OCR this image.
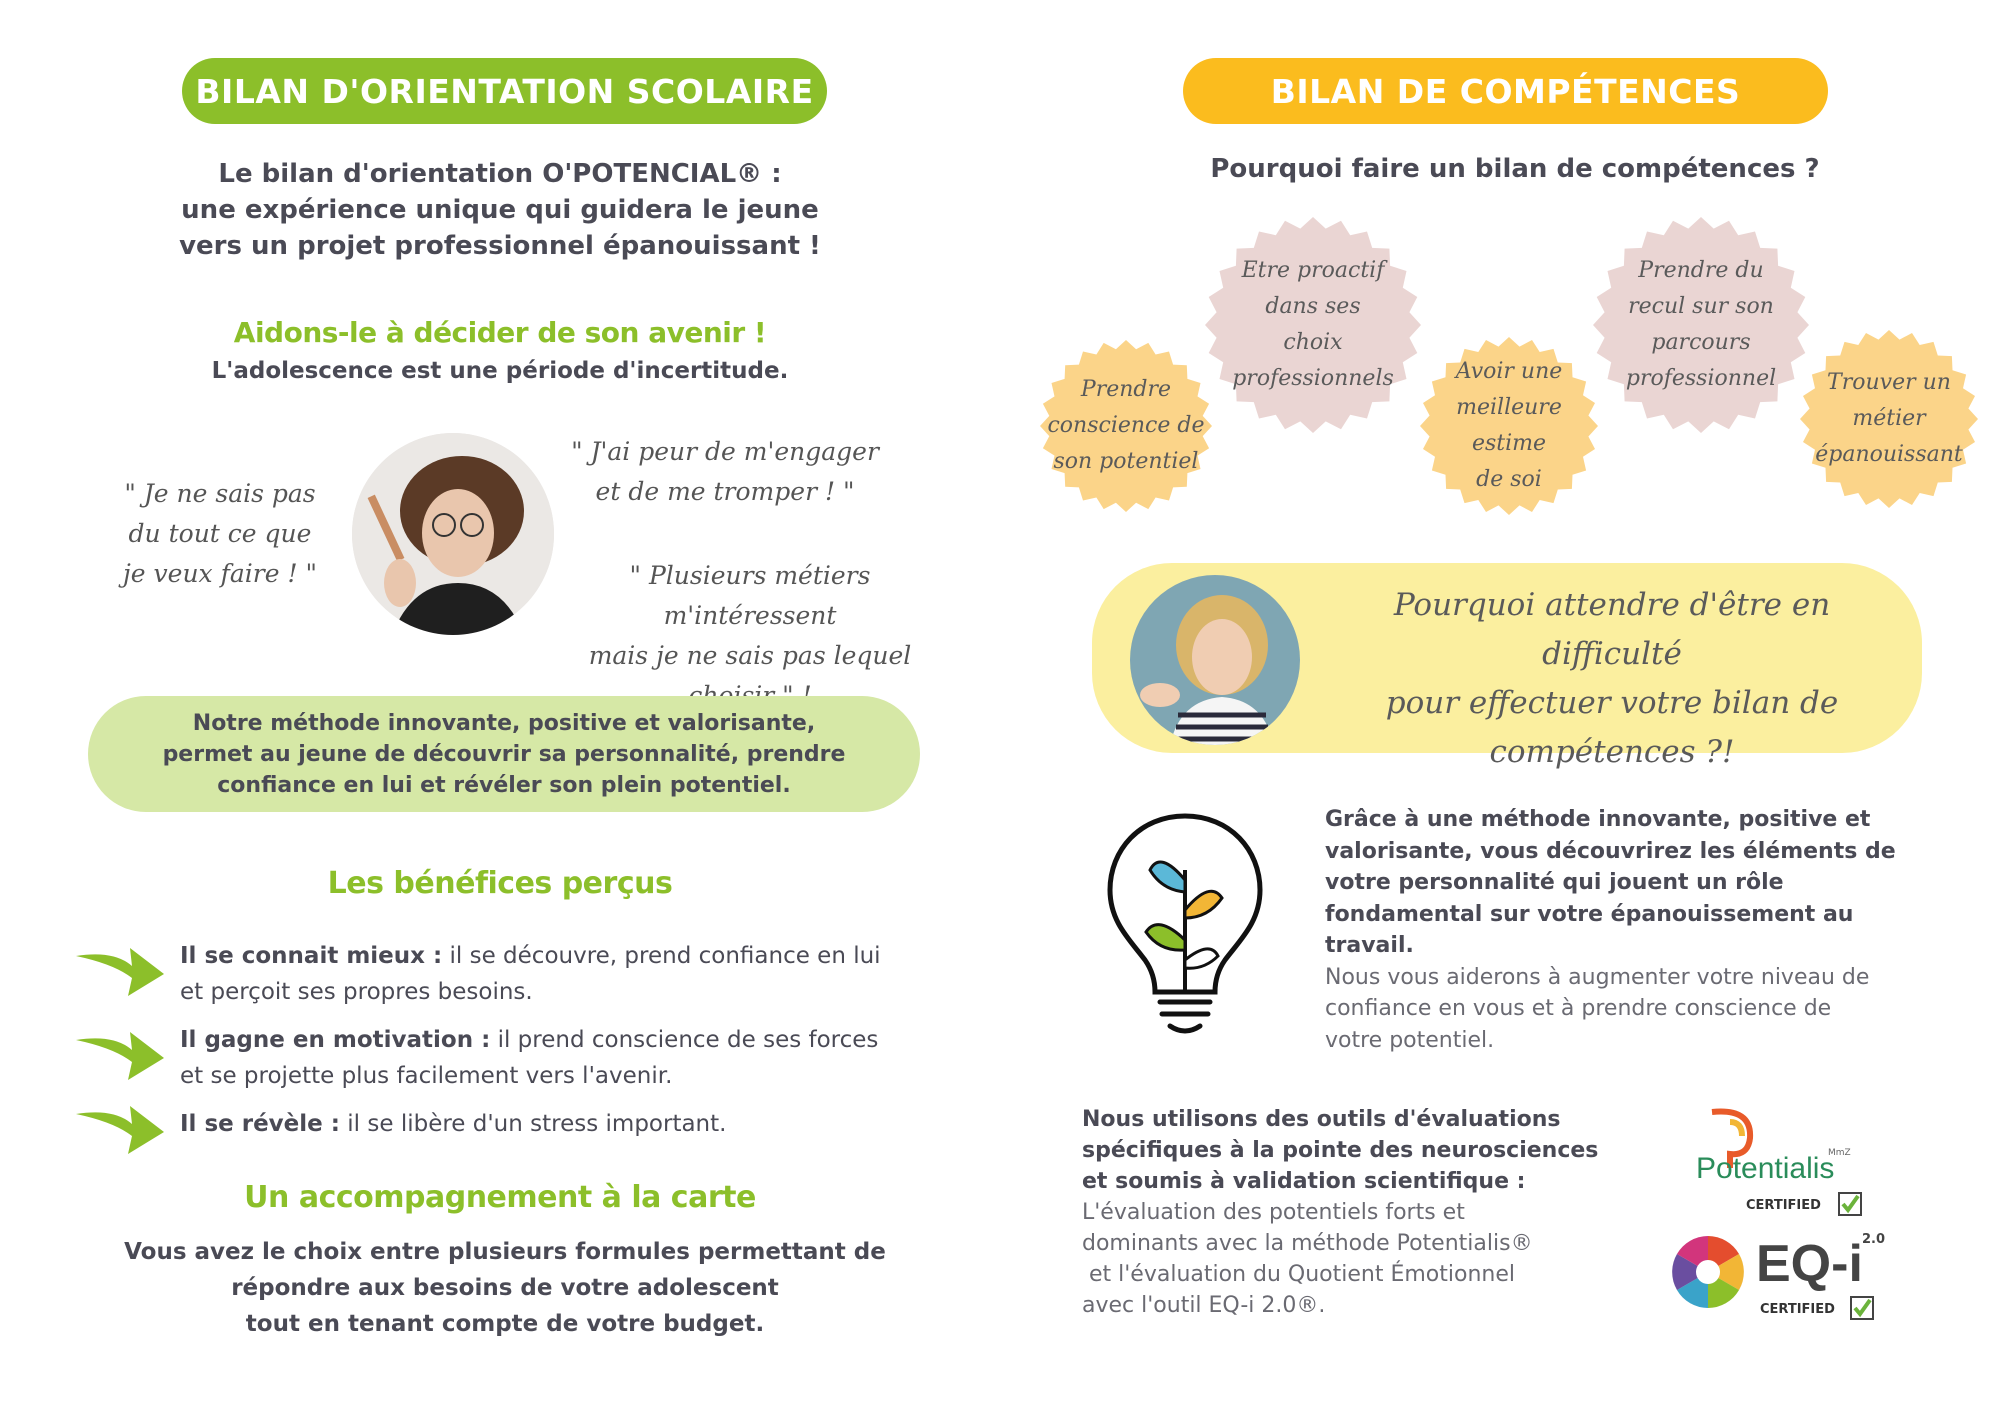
BILAN D'ORIENTATION SCOLAIRE
Le bilan d'orientation O'POTENCIAL® :
une expérience unique qui guidera le jeune
vers un projet professionnel épanouissant !
Aidons-le à décider de son avenir !
L'adolescence est une période d'incertitude.
" Je ne sais pas
du tout ce que
je veux faire ! "
" J'ai peur de m'engager
et de me tromper ! "
" Plusieurs métiers m'intéressent
mais je ne sais pas lequel
Notre méthode innovante, positive et valorisante,
permet au jeune de découvrir sa personnalité, prendre
confiance en lui et révéler son plein potentiel.
Les bénéfices perçus
Il se connait mieux : il se découvre, prend confiance en lui
et perçoit ses propres besoins.
Il gagne en motivation : il prend conscience de ses forces
et se projette plus facilement vers l'avenir.
Il se révèle : il se libère d'un stress important.
Un accompagnement à la carte
Vous avez le choix entre plusieurs formules permettant de
répondre aux besoins de votre adolescent
tout en tenant compte de votre budget.
BILAN DE COMPÉTENCES
Pourquoi faire un bilan de compétences ?
Prendre
conscience de
son potentiel
Etre proactif
dans ses
choix
professionnels	Avoir une
meilleure
estime
de soi
Prendre du
recul sur son
parcours
professionnel	Trouver un
métier
épanouissant
Pourquoi attendre d'être en difficulté
pour effectuer votre bilan de
compétences ?!
Grâce à une méthode innovante, positive et
valorisante, vous découvrirez les éléments de
votre personnalité qui jouent un rôle
fondamental sur votre épanouissement au
travail.
Nous vous aiderons à augmenter votre niveau de
confiance en vous et à prendre conscience de
votre potentiel.
Nous utilisons des outils d'évaluations
spécifiques à la pointe des neurosciences
et soumis à validation scientifique :
L'évaluation des potentiels forts et
dominants avec la méthode Potentialis®
et l'évaluation du Quotient Émotionnel
avec l'outil EQ-i 2.0®.
Potentialis
MmZ
CERTIFIED
EQ-i 2.0
CERTIFIED
